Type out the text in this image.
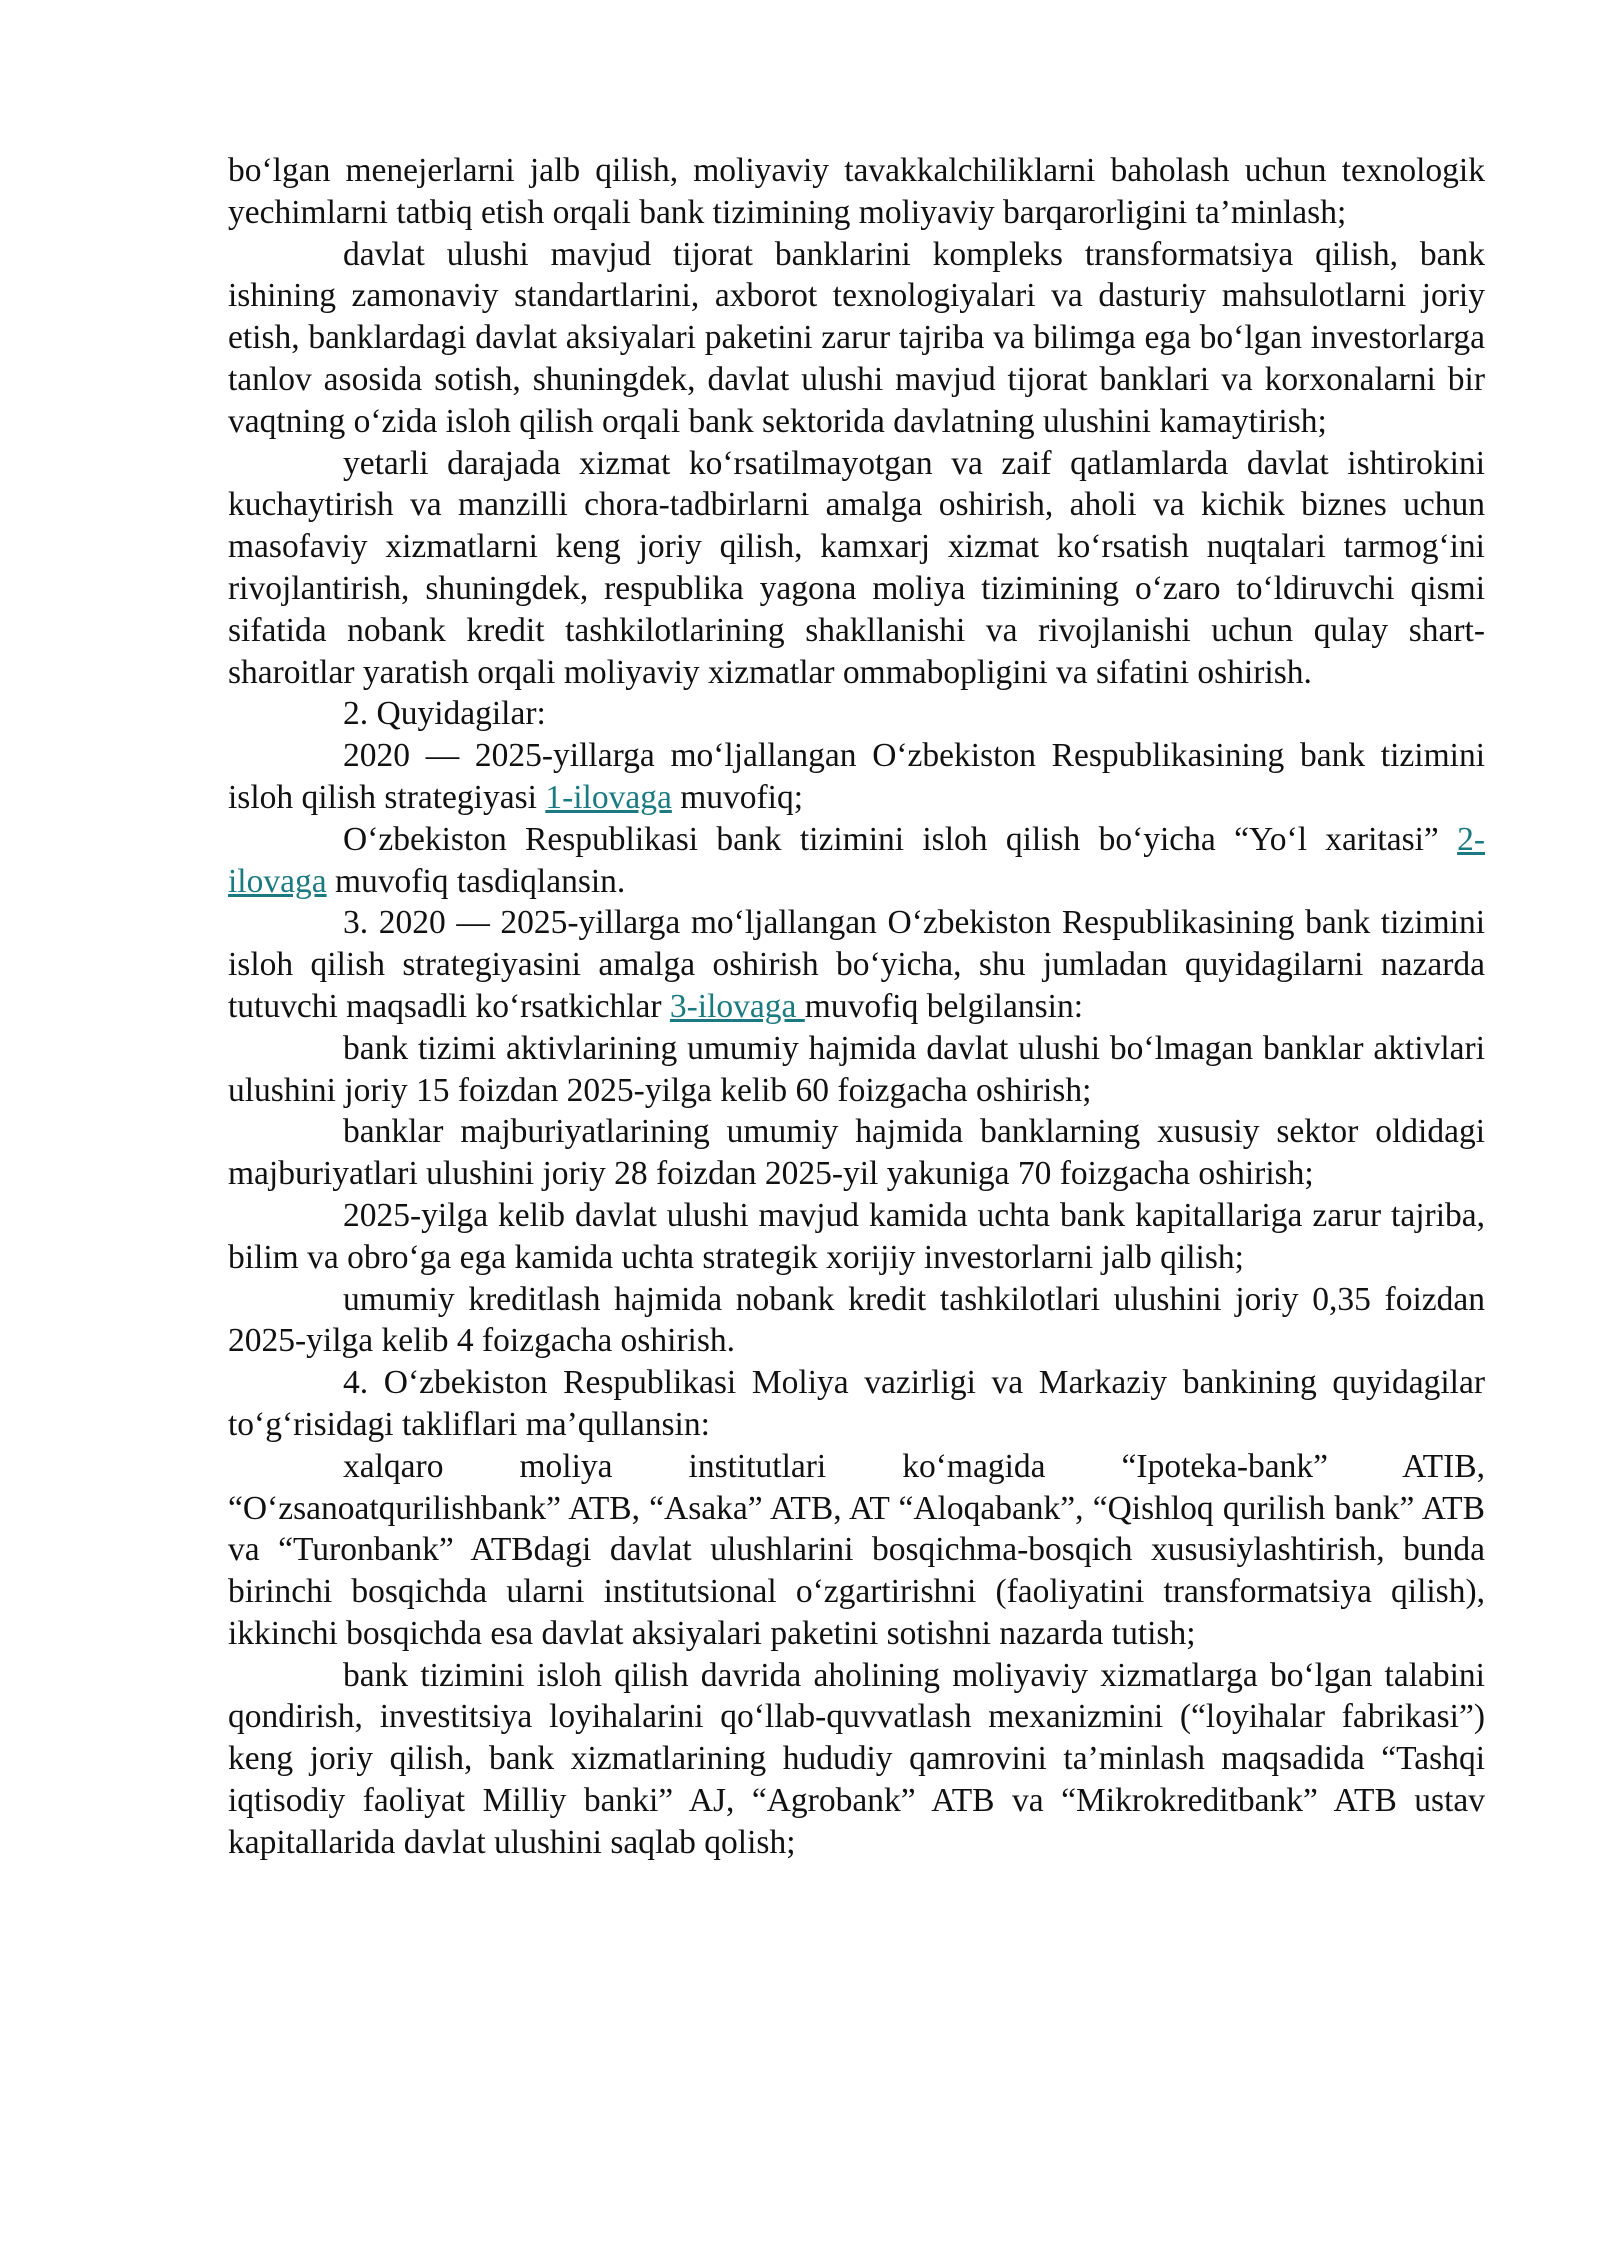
bo‘lgan menejerlarni jalb qilish, moliyaviy tavakkalchiliklarni baholash uchun texnologik yechimlarni tatbiq etish orqali bank tizimining moliyaviy barqarorligini ta’minlash;

davlat ulushi mavjud tijorat banklarini kompleks transformatsiya qilish, bank ishining zamonaviy standartlarini, axborot texnologiyalari va dasturiy mahsulotlarni joriy etish, banklardagi davlat aksiyalari paketini zarur tajriba va bilimga ega bo‘lgan investorlarga tanlov asosida sotish, shuningdek, davlat ulushi mavjud tijorat banklari va korxonalarni bir vaqtning o‘zida isloh qilish orqali bank sektorida davlatning ulushini kamaytirish;

yetarli darajada xizmat ko‘rsatilmayotgan va zaif qatlamlarda davlat ishtirokini kuchaytirish va manzilli chora-tadbirlarni amalga oshirish, aholi va kichik biznes uchun masofaviy xizmatlarni keng joriy qilish, kamxarj xizmat ko‘rsatish nuqtalari tarmog‘ini rivojlantirish, shuningdek, respublika yagona moliya tizimining o‘zaro to‘ldiruvchi qismi sifatida nobank kredit tashkilotlarining shakllanishi va rivojlanishi uchun qulay shart-sharoitlar yaratish orqali moliyaviy xizmatlar ommabopligini va sifatini oshirish.

2. Quyidagilar:

2020 — 2025-yillarga mo‘ljallangan O‘zbekiston Respublikasining bank tizimini isloh qilish strategiyasi 1-ilovaga muvofiq;

O‘zbekiston Respublikasi bank tizimini isloh qilish bo‘yicha “Yo‘l xaritasi” 2-ilovaga muvofiq tasdiqlansin.

3. 2020 — 2025-yillarga mo‘ljallangan O‘zbekiston Respublikasining bank tizimini isloh qilish strategiyasini amalga oshirish bo‘yicha, shu jumladan quyidagilarni nazarda tutuvchi maqsadli ko‘rsatkichlar 3-ilovaga muvofiq belgilansin:

bank tizimi aktivlarining umumiy hajmida davlat ulushi bo‘lmagan banklar aktivlari ulushini joriy 15 foizdan 2025-yilga kelib 60 foizgacha oshirish;

banklar majburiyatlarining umumiy hajmida banklarning xususiy sektor oldidagi majburiyatlari ulushini joriy 28 foizdan 2025-yil yakuniga 70 foizgacha oshirish;

2025-yilga kelib davlat ulushi mavjud kamida uchta bank kapitallariga zarur tajriba, bilim va obro‘ga ega kamida uchta strategik xorijiy investorlarni jalb qilish;

umumiy kreditlash hajmida nobank kredit tashkilotlari ulushini joriy 0,35 foizdan 2025-yilga kelib 4 foizgacha oshirish.

4. O‘zbekiston Respublikasi Moliya vazirligi va Markaziy bankining quyidagilar to‘g‘risidagi takliflari ma’qullansin:

xalqaro moliya institutlari ko‘magida “Ipoteka-bank” ATIB, “O‘zsanoatqurilishbank” ATB, “Asaka” ATB, AT “Aloqabank”, “Qishloq qurilish bank” ATB va “Turonbank” ATBdagi davlat ulushlarini bosqichma-bosqich xususiylashtirish, bunda birinchi bosqichda ularni institutsional o‘zgartirishni (faoliyatini transformatsiya qilish), ikkinchi bosqichda esa davlat aksiyalari paketini sotishni nazarda tutish;

bank tizimini isloh qilish davrida aholining moliyaviy xizmatlarga bo‘lgan talabini qondirish, investitsiya loyihalarini qo‘llab-quvvatlash mexanizmini (“loyihalar fabrikasi”) keng joriy qilish, bank xizmatlarining hududiy qamrovini ta’minlash maqsadida “Tashqi iqtisodiy faoliyat Milliy banki” AJ, “Agrobank” ATB va “Mikrokreditbank” ATB ustav kapitallarida davlat ulushini saqlab qolish;
